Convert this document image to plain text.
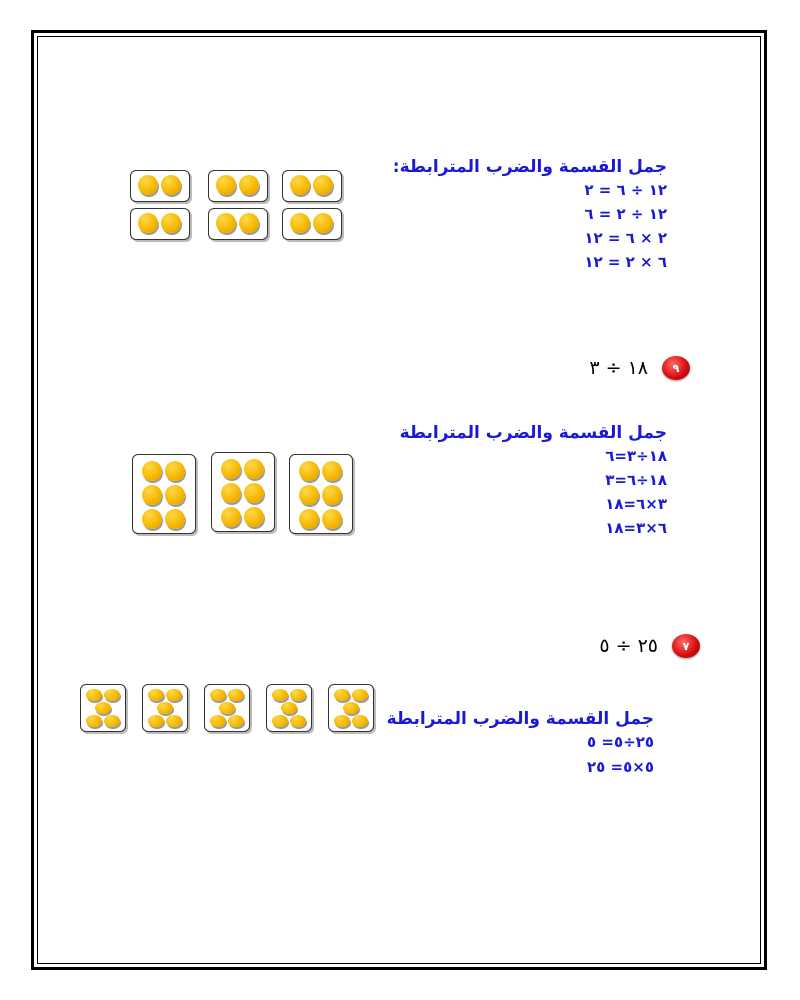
جمل القسمة والضرب المترابطة:
١٢ ÷ ٦ = ٢
١٢ ÷ ٢ = ٦
٢ × ٦ = ١٢
٦ × ٢ = ١٢
٩
١٨ ÷ ٣
جمل القسمة والضرب المترابطة
١٨÷٣=٦
١٨÷٦=٣
٣×٦=١٨
٦×٣=١٨
٧
٢٥ ÷ ٥
جمل القسمة والضرب المترابطة
٢٥÷٥= ٥
٥×٥= ٢٥
